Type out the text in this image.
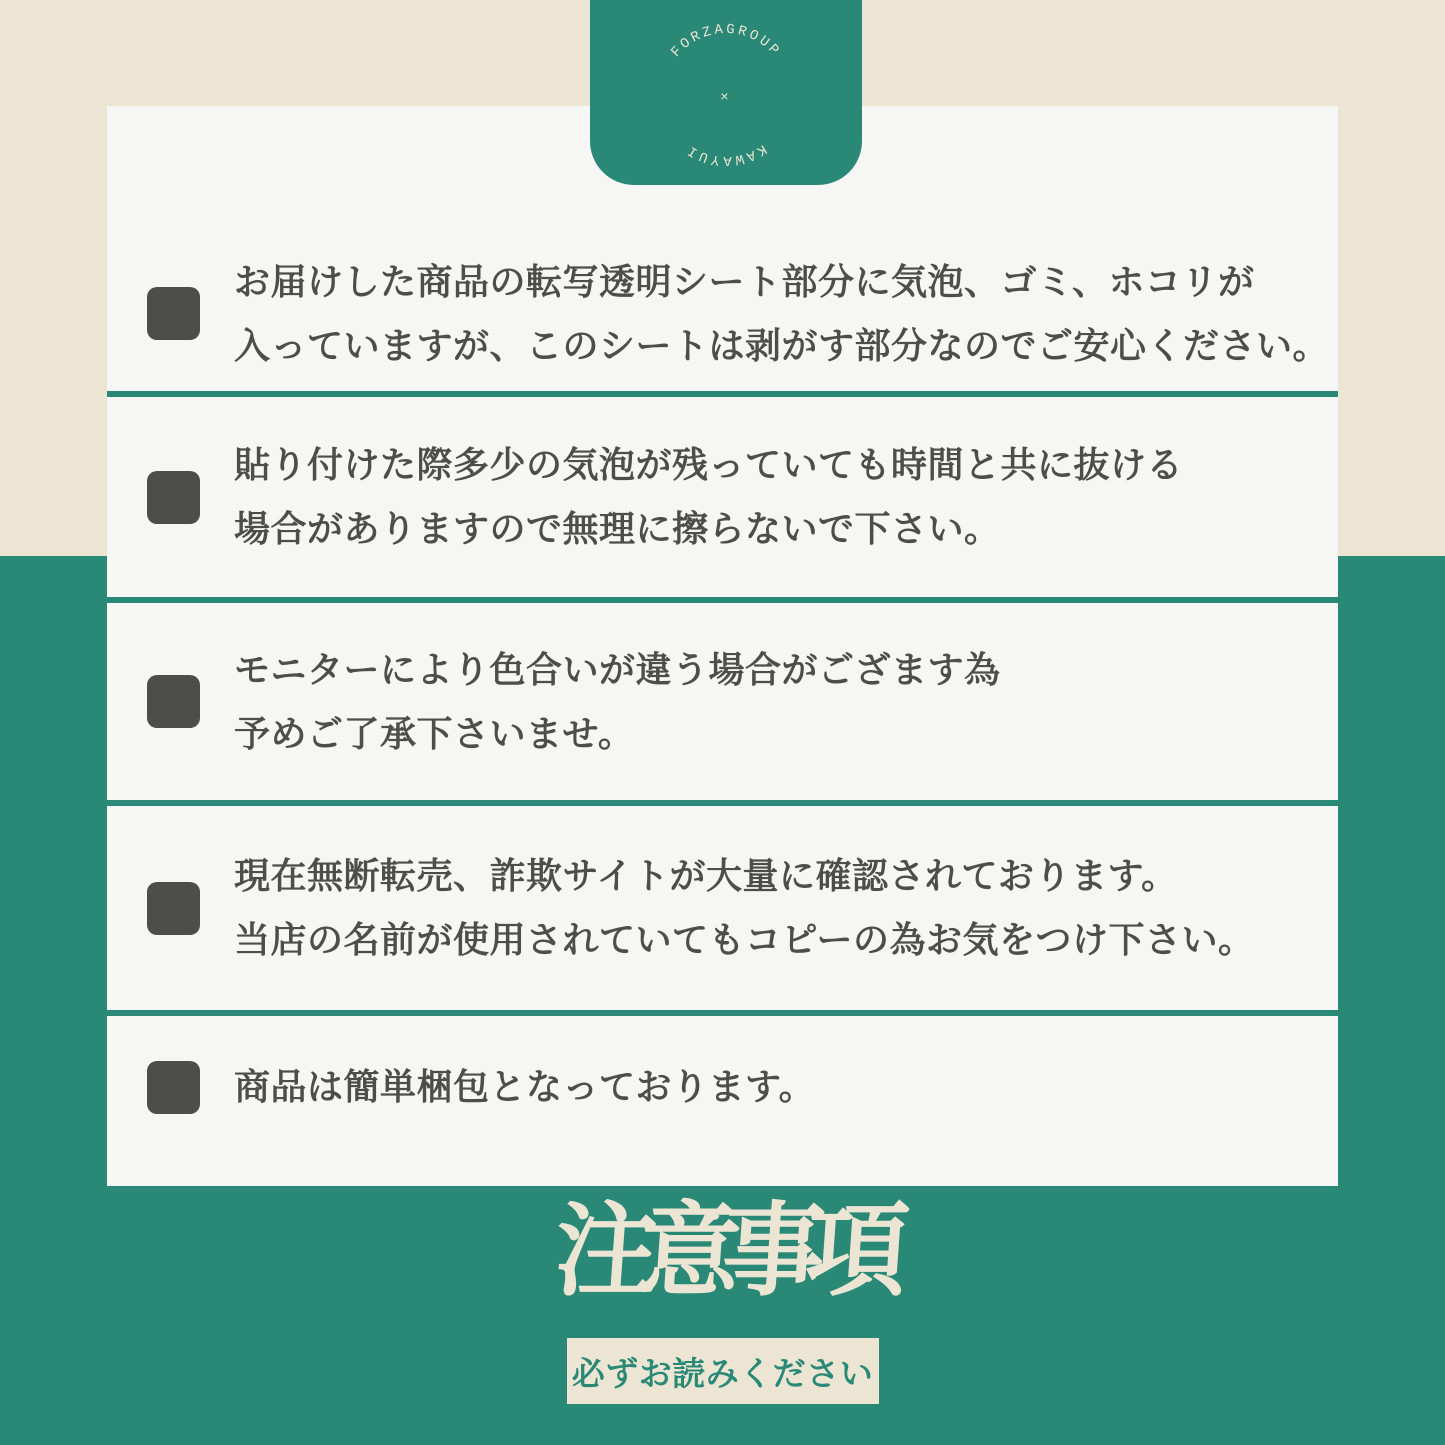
FORZAGROUP
KAWAYUI
×
お届けした商品の転写透明シート部分に気泡、ゴミ、ホコリが
入っていますが、このシートは剥がす部分なのでご安心ください。
貼り付けた際多少の気泡が残っていても時間と共に抜ける
場合がありますので無理に擦らないで下さい。
モニターにより色合いが違う場合がござます為
予めご了承下さいませ。
現在無断転売、詐欺サイトが大量に確認されております。
当店の名前が使用されていてもコピーの為お気をつけ下さい。
商品は簡単梱包となっております。
注意事項
必ずお読みください
